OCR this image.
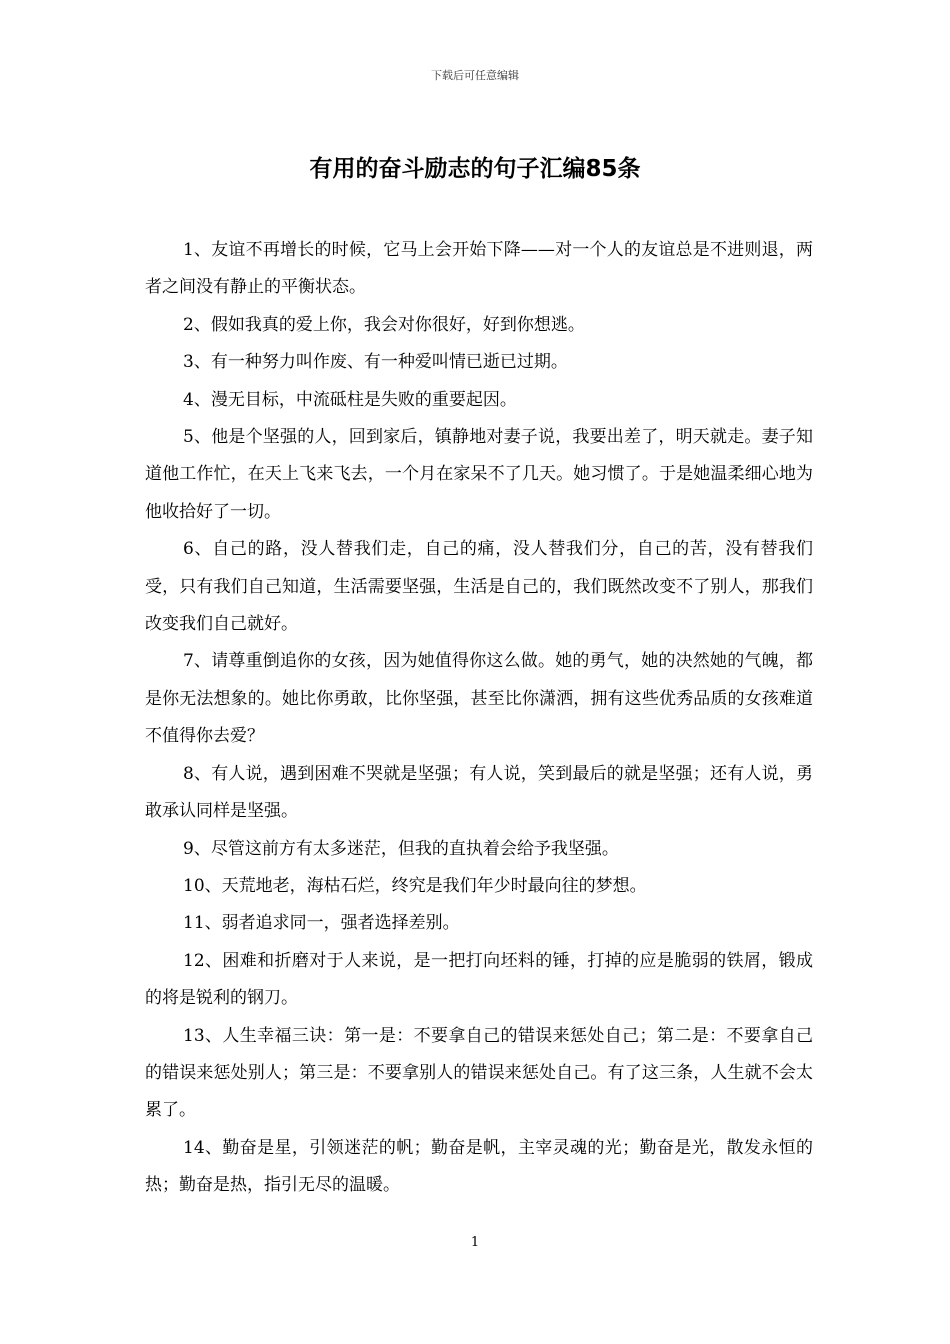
下载后可任意编辑
有用的奋斗励志的句子汇编85条

1、友谊不再增长的时候，它马上会开始下降——对一个人的友谊总是不进则退，两者之间没有静止的平衡状态。

2、假如我真的爱上你，我会对你很好，好到你想逃。

3、有一种努力叫作废、有一种爱叫情已逝已过期。

4、漫无目标，中流砥柱是失败的重要起因。

5、他是个坚强的人，回到家后，镇静地对妻子说，我要出差了，明天就走。妻子知道他工作忙，在天上飞来飞去，一个月在家呆不了几天。她习惯了。于是她温柔细心地为他收拾好了一切。

6、自己的路，没人替我们走，自己的痛，没人替我们分，自己的苦，没有替我们受，只有我们自己知道，生活需要坚强，生活是自己的，我们既然改变不了别人，那我们改变我们自己就好。

7、请尊重倒追你的女孩，因为她值得你这么做。她的勇气，她的决然她的气魄，都是你无法想象的。她比你勇敢，比你坚强，甚至比你潇洒，拥有这些优秀品质的女孩难道不值得你去爱？

8、有人说，遇到困难不哭就是坚强；有人说，笑到最后的就是坚强；还有人说，勇敢承认同样是坚强。

9、尽管这前方有太多迷茫，但我的直执着会给予我坚强。

10、天荒地老，海枯石烂，终究是我们年少时最向往的梦想。

11、弱者追求同一，强者选择差别。

12、困难和折磨对于人来说，是一把打向坯料的锤，打掉的应是脆弱的铁屑，锻成的将是锐利的钢刀。

13、人生幸福三诀：第一是：不要拿自己的错误来惩处自己；第二是：不要拿自己的错误来惩处别人；第三是：不要拿别人的错误来惩处自己。有了这三条，人生就不会太累了。

14、勤奋是星，引领迷茫的帆；勤奋是帆，主宰灵魂的光；勤奋是光，散发永恒的热；勤奋是热，指引无尽的温暖。

1
